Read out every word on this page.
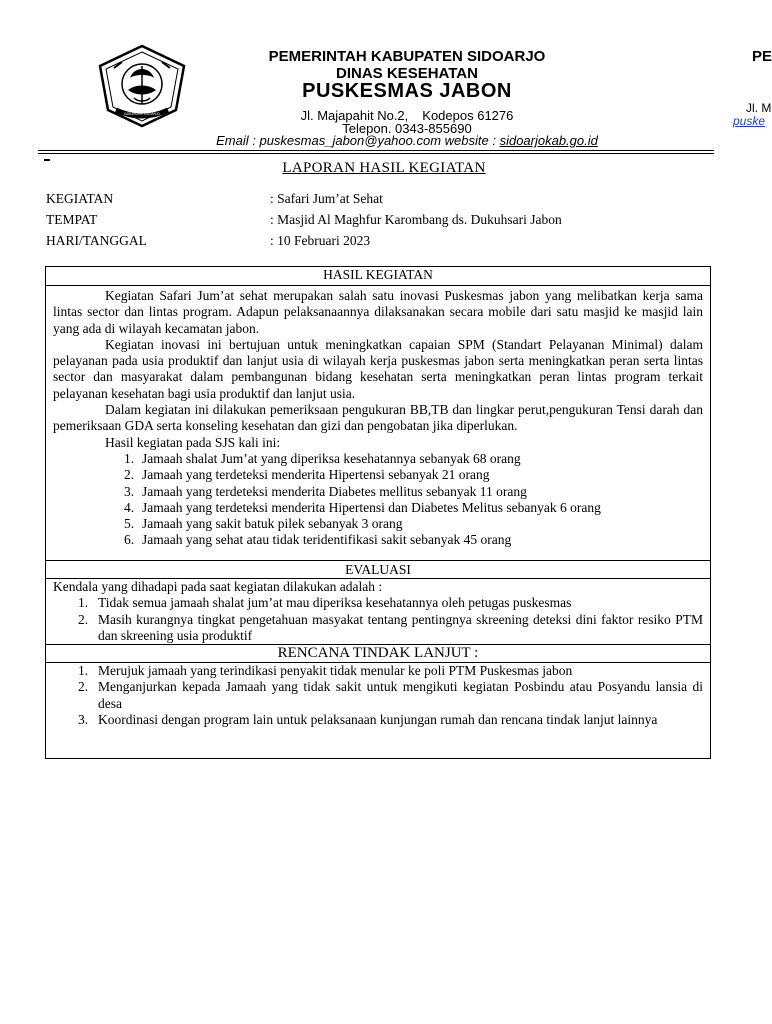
KABUPATEN SIDOARJO
PEMERINTAH KABUPATEN SIDOARJO
DINAS KESEHATAN
PUSKESMAS JABON
Jl. Majapahit No.2, Kodepos 61276
Telepon. 0343-855690
Email : puskesmas_jabon@yahoo.com website : sidoarjokab.go.id
PE
Jl. M
puske
LAPORAN HASIL KEGIATAN
KEGIATAN	: Safari Jum’at Sehat
TEMPAT	: Masjid Al Maghfur Karombang ds. Dukuhsari Jabon
HARI/TANGGAL	: 10 Februari 2023
HASIL KEGIATAN

Kegiatan Safari Jum’at sehat merupakan salah satu inovasi Puskesmas jabon yang melibatkan kerja sama lintas sector dan lintas program. Adapun pelaksanaannya dilaksanakan secara mobile dari satu masjid ke masjid lain yang ada di wilayah kecamatan jabon.

Kegiatan inovasi ini bertujuan untuk meningkatkan capaian SPM (Standart Pelayanan Minimal) dalam pelayanan pada usia produktif dan lanjut usia di wilayah kerja puskesmas jabon serta meningkatkan peran serta lintas sector dan masyarakat dalam pembangunan bidang kesehatan serta meningkatkan peran lintas program terkait pelayanan kesehatan bagi usia produktif dan lanjut usia.

Dalam kegiatan ini dilakukan pemeriksaan pengukuran BB,TB dan lingkar perut,pengukuran Tensi darah dan pemeriksaan GDA serta konseling kesehatan dan gizi dan pengobatan jika diperlukan.

Hasil kegiatan pada SJS kali ini:

1. Jamaah shalat Jum’at yang diperiksa kesehatannya sebanyak 68 orang
2. Jamaah yang terdeteksi menderita Hipertensi sebanyak 21 orang
3. Jamaah yang terdeteksi menderita Diabetes mellitus sebanyak 11 orang
4. Jamaah yang terdeteksi menderita Hipertensi dan Diabetes Melitus sebanyak 6 orang
5. Jamaah yang sakit batuk pilek sebanyak 3 orang
6. Jamaah yang sehat atau tidak teridentifikasi sakit sebanyak 45 orang
EVALUASI

Kendala yang dihadapi pada saat kegiatan dilakukan adalah :

1. Tidak semua jamaah shalat jum’at mau diperiksa kesehatannya oleh petugas puskesmas
2. Masih kurangnya tingkat pengetahuan masyakat tentang pentingnya skreening deteksi dini faktor resiko PTM dan skreening usia produktif
RENCANA TINDAK LANJUT :
1. Merujuk jamaah yang terindikasi penyakit tidak menular ke poli PTM Puskesmas jabon
2. Menganjurkan kepada Jamaah yang tidak sakit untuk mengikuti kegiatan Posbindu atau Posyandu lansia di desa
3. Koordinasi dengan program lain untuk pelaksanaan kunjungan rumah dan rencana tindak lanjut lainnya
